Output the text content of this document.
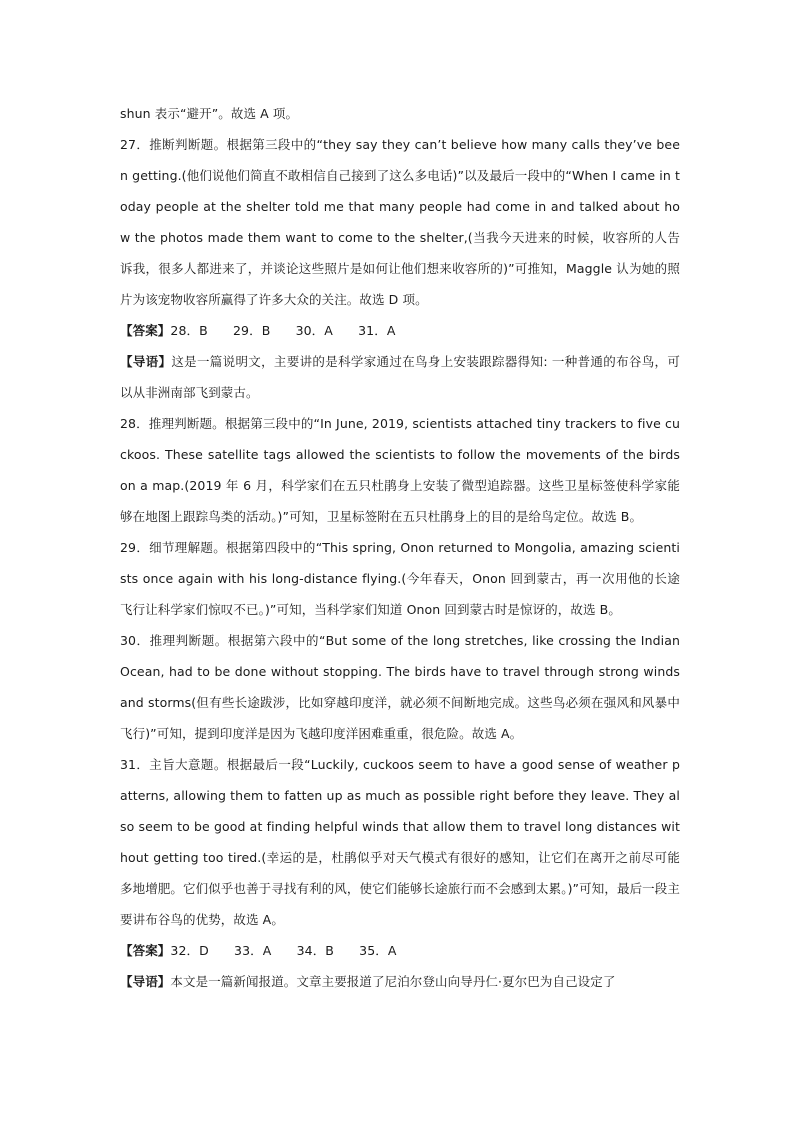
shun 表示“避开”。故选 A 项。

27．推断判断题。根据第三段中的“they say they can’t believe how many calls they’ve been getting.(他们说他们简直不敢相信自己接到了这么多电话)”以及最后一段中的“When I came in today people at the shelter told me that many people had come in and talked about how the photos made them want to come to the shelter,(当我今天进来的时候，收容所的人告诉我，很多人都进来了，并谈论这些照片是如何让他们想来收容所的)”可推知，Maggle 认为她的照片为该宠物收容所赢得了许多大众的关注。故选 D 项。

【答案】28．B　　29．B　　30．A　　31．A

【导语】这是一篇说明文，主要讲的是科学家通过在鸟身上安装跟踪器得知: 一种普通的布谷鸟，可以从非洲南部飞到蒙古。

28．推理判断题。根据第三段中的“In June, 2019, scientists attached tiny trackers to five cuckoos. These satellite tags allowed the scientists to follow the movements of the birds on a map.(2019 年 6 月，科学家们在五只杜鹃身上安装了微型追踪器。这些卫星标签使科学家能够在地图上跟踪鸟类的活动。)”可知，卫星标签附在五只杜鹃身上的目的是给鸟定位。故选 B。

29．细节理解题。根据第四段中的“This spring, Onon returned to Mongolia, amazing scientists once again with his long-distance flying.(今年春天，Onon 回到蒙古，再一次用他的长途飞行让科学家们惊叹不已。)”可知，当科学家们知道 Onon 回到蒙古时是惊讶的，故选 B。

30．推理判断题。根据第六段中的“But some of the long stretches, like crossing the Indian Ocean, had to be done without stopping. The birds have to travel through strong winds and storms(但有些长途跋涉，比如穿越印度洋，就必须不间断地完成。这些鸟必须在强风和风暴中飞行)”可知，提到印度洋是因为飞越印度洋困难重重，很危险。故选 A。

31．主旨大意题。根据最后一段“Luckily, cuckoos seem to have a good sense of weather patterns, allowing them to fatten up as much as possible right before they leave. They also seem to be good at finding helpful winds that allow them to travel long distances without getting too tired.(幸运的是，杜鹃似乎对天气模式有很好的感知，让它们在离开之前尽可能多地增肥。它们似乎也善于寻找有利的风，使它们能够长途旅行而不会感到太累。)”可知，最后一段主要讲布谷鸟的优势，故选 A。

【答案】32．D　　33．A　　34．B　　35．A

【导语】本文是一篇新闻报道。文章主要报道了尼泊尔登山向导丹仁·夏尔巴为自己设定了
